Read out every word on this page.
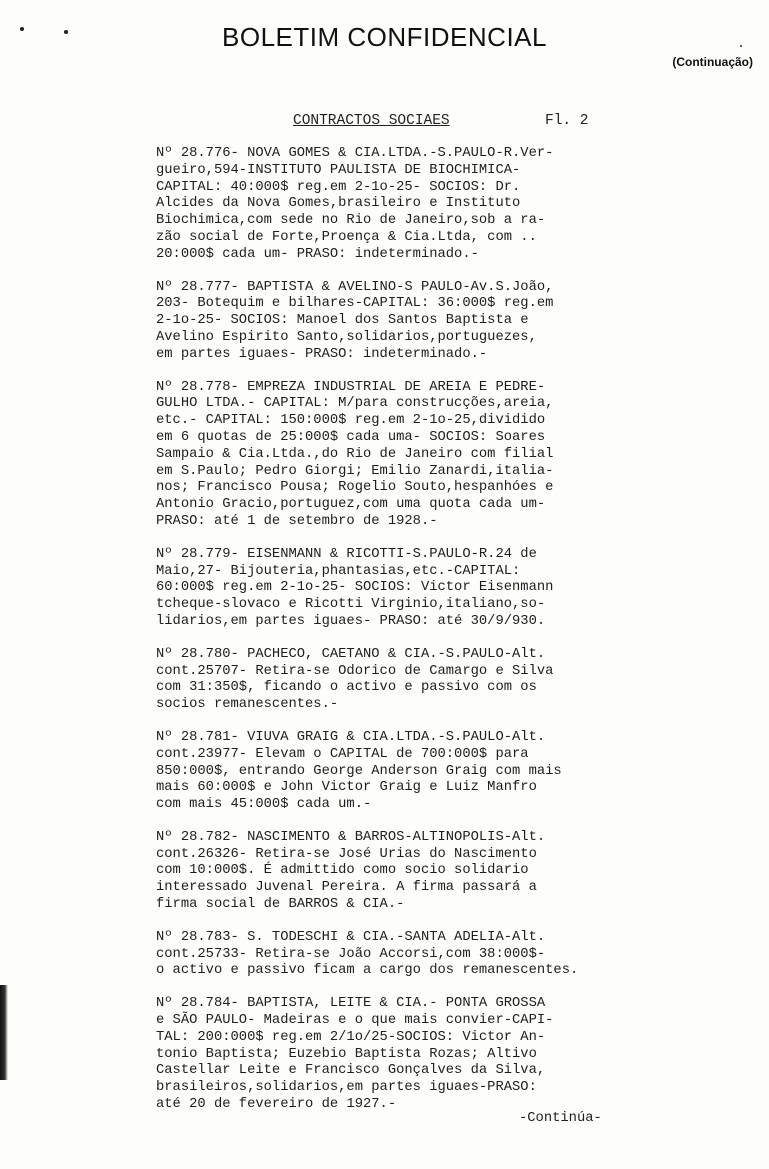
BOLETIM CONFIDENCIAL
(Continuação)
CONTRACTOS SOCIAES	Fl. 2
Nº 28.776- NOVA GOMES & CIA.LTDA.-S.PAULO-R.Ver-
gueiro,594-INSTITUTO PAULISTA DE BIOCHIMICA-
CAPITAL: 40:000$ reg.em 2-1o-25- SOCIOS: Dr.
Alcides da Nova Gomes,brasileiro e Instituto
Biochimica,com sede no Rio de Janeiro,sob a ra-
zão social de Forte,Proença & Cia.Ltda, com ..
20:000$ cada um- PRASO: indeterminado.-
Nº 28.777- BAPTISTA & AVELINO-S PAULO-Av.S.João,
203- Botequim e bilhares-CAPITAL: 36:000$ reg.em
2-1o-25- SOCIOS: Manoel dos Santos Baptista e
Avelino Espirito Santo,solidarios,portuguezes,
em partes iguaes- PRASO: indeterminado.-
Nº 28.778- EMPREZA INDUSTRIAL DE AREIA E PEDRE-
GULHO LTDA.- CAPITAL: M/para construcções,areia,
etc.- CAPITAL: 150:000$ reg.em 2-1o-25,dividido
em 6 quotas de 25:000$ cada uma- SOCIOS: Soares
Sampaio & Cia.Ltda.,do Rio de Janeiro com filial
em S.Paulo; Pedro Giorgi; Emilio Zanardi,italia-
nos; Francisco Pousa; Rogelio Souto,hespanhóes e
Antonio Gracio,portuguez,com uma quota cada um-
PRASO: até 1 de setembro de 1928.-
Nº 28.779- EISENMANN & RICOTTI-S.PAULO-R.24 de
Maio,27- Bijouteria,phantasias,etc.-CAPITAL:
60:000$ reg.em 2-1o-25- SOCIOS: Victor Eisenmann
tcheque-slovaco e Ricotti Virginio,italiano,so-
lidarios,em partes iguaes- PRASO: até 30/9/930.
Nº 28.780- PACHECO, CAETANO & CIA.-S.PAULO-Alt.
cont.25707- Retira-se Odorico de Camargo e Silva
com 31:350$, ficando o activo e passivo com os
socios remanescentes.-
Nº 28.781- VIUVA GRAIG & CIA.LTDA.-S.PAULO-Alt.
cont.23977- Elevam o CAPITAL de 700:000$ para
850:000$, entrando George Anderson Graig com mais
mais 60:000$ e John Victor Graig e Luiz Manfro
com mais 45:000$ cada um.-
Nº 28.782- NASCIMENTO & BARROS-ALTINOPOLIS-Alt.
cont.26326- Retira-se José Urias do Nascimento
com 10:000$. É admittido como socio solidario
interessado Juvenal Pereira. A firma passará a
firma social de BARROS & CIA.-
Nº 28.783- S. TODESCHI & CIA.-SANTA ADELIA-Alt.
cont.25733- Retira-se João Accorsi,com 38:000$-
o activo e passivo ficam a cargo dos remanescentes.
Nº 28.784- BAPTISTA, LEITE & CIA.- PONTA GROSSA
e SÃO PAULO- Madeiras e o que mais convier-CAPI-
TAL: 200:000$ reg.em 2/1o/25-SOCIOS: Victor An-
tonio Baptista; Euzebio Baptista Rozas; Altivo
Castellar Leite e Francisco Gonçalves da Silva,
brasileiros,solidarios,em partes iguaes-PRASO:
até 20 de fevereiro de 1927.-
-Continúa-
